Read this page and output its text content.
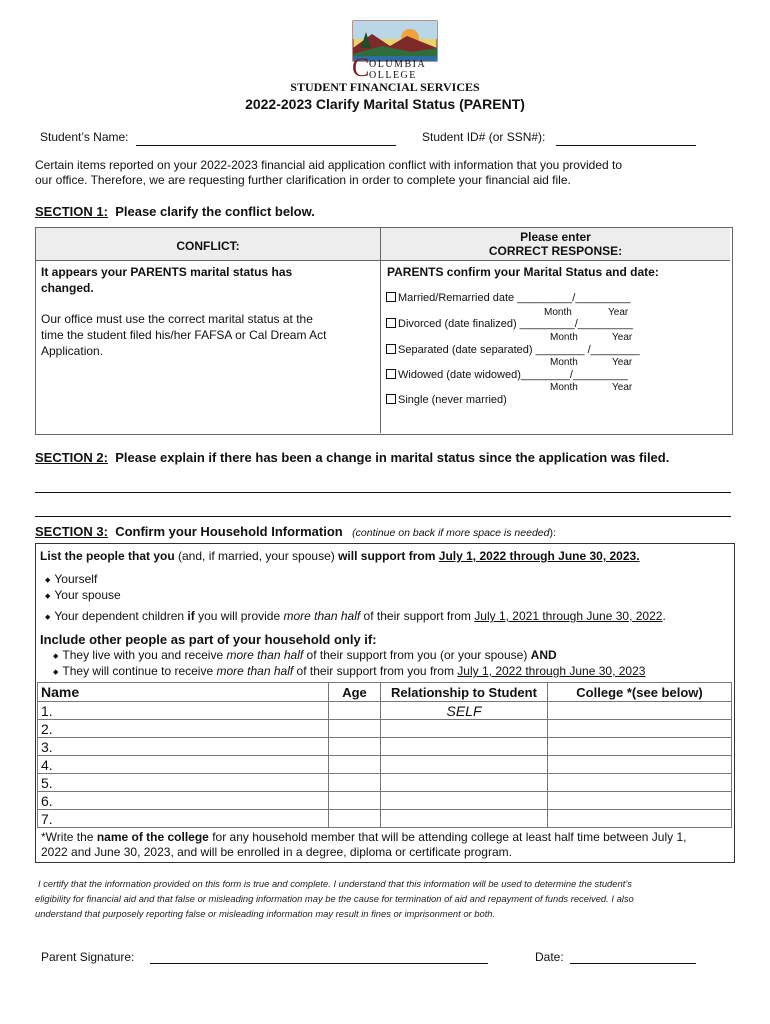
C OLUMBIA
OLLEGE
STUDENT FINANCIAL SERVICES
2022-2023 Clarify Marital Status (PARENT)
Student’s Name:	Student ID# (or SSN#):
Certain items reported on your 2022-2023 financial aid application conflict with information that you provided to
our office. Therefore, we are requesting further clarification in order to complete your financial aid file.
SECTION 1: Please clarify the conflict below.
CONFLICT:
Please enter
CORRECT RESPONSE:
It appears your PARENTS marital status has
changed.
Our office must use the correct marital status at the
time the student filed his/her FAFSA or Cal Dream Act
Application.
PARENTS confirm your Marital Status and date:
Married/Remarried date _________/_________
Month	Year
Divorced (date finalized) _________/_________
Month	Year
Separated (date separated) ________ /________
Month	Year
Widowed (date widowed)________/_________
Month	Year
Single (never married)
SECTION 2: Please explain if there has been a change in marital status since the application was filed.
SECTION 3: Confirm your Household Information (continue on back if more space is needed):
List the people that you (and, if married, your spouse) will support from July 1, 2022 through June 30, 2023.
◆ Yourself
◆ Your spouse
◆ Your dependent children if you will provide more than half of their support from July 1, 2021 through June 30, 2022.
Include other people as part of your household only if:
◆ They live with you and receive more than half of their support from you (or your spouse) AND
◆ They will continue to receive more than half of their support from you from July 1, 2022 through June 30, 2023
Name	Age	Relationship to Student	College *(see below)
1.		SELF	
2.			
3.			
4.			
5.			
6.			
7.			
*Write the name of the college for any household member that will be attending college at least half time between July 1,
2022 and June 30, 2023, and will be enrolled in a degree, diploma or certificate program.
I certify that the information provided on this form is true and complete. I understand that this information will be used to determine the student’s
eligibility for financial aid and that false or misleading information may be the cause for termination of aid and repayment of funds received. I also
understand that purposely reporting false or misleading information may result in fines or imprisonment or both.
Parent Signature:	Date:
